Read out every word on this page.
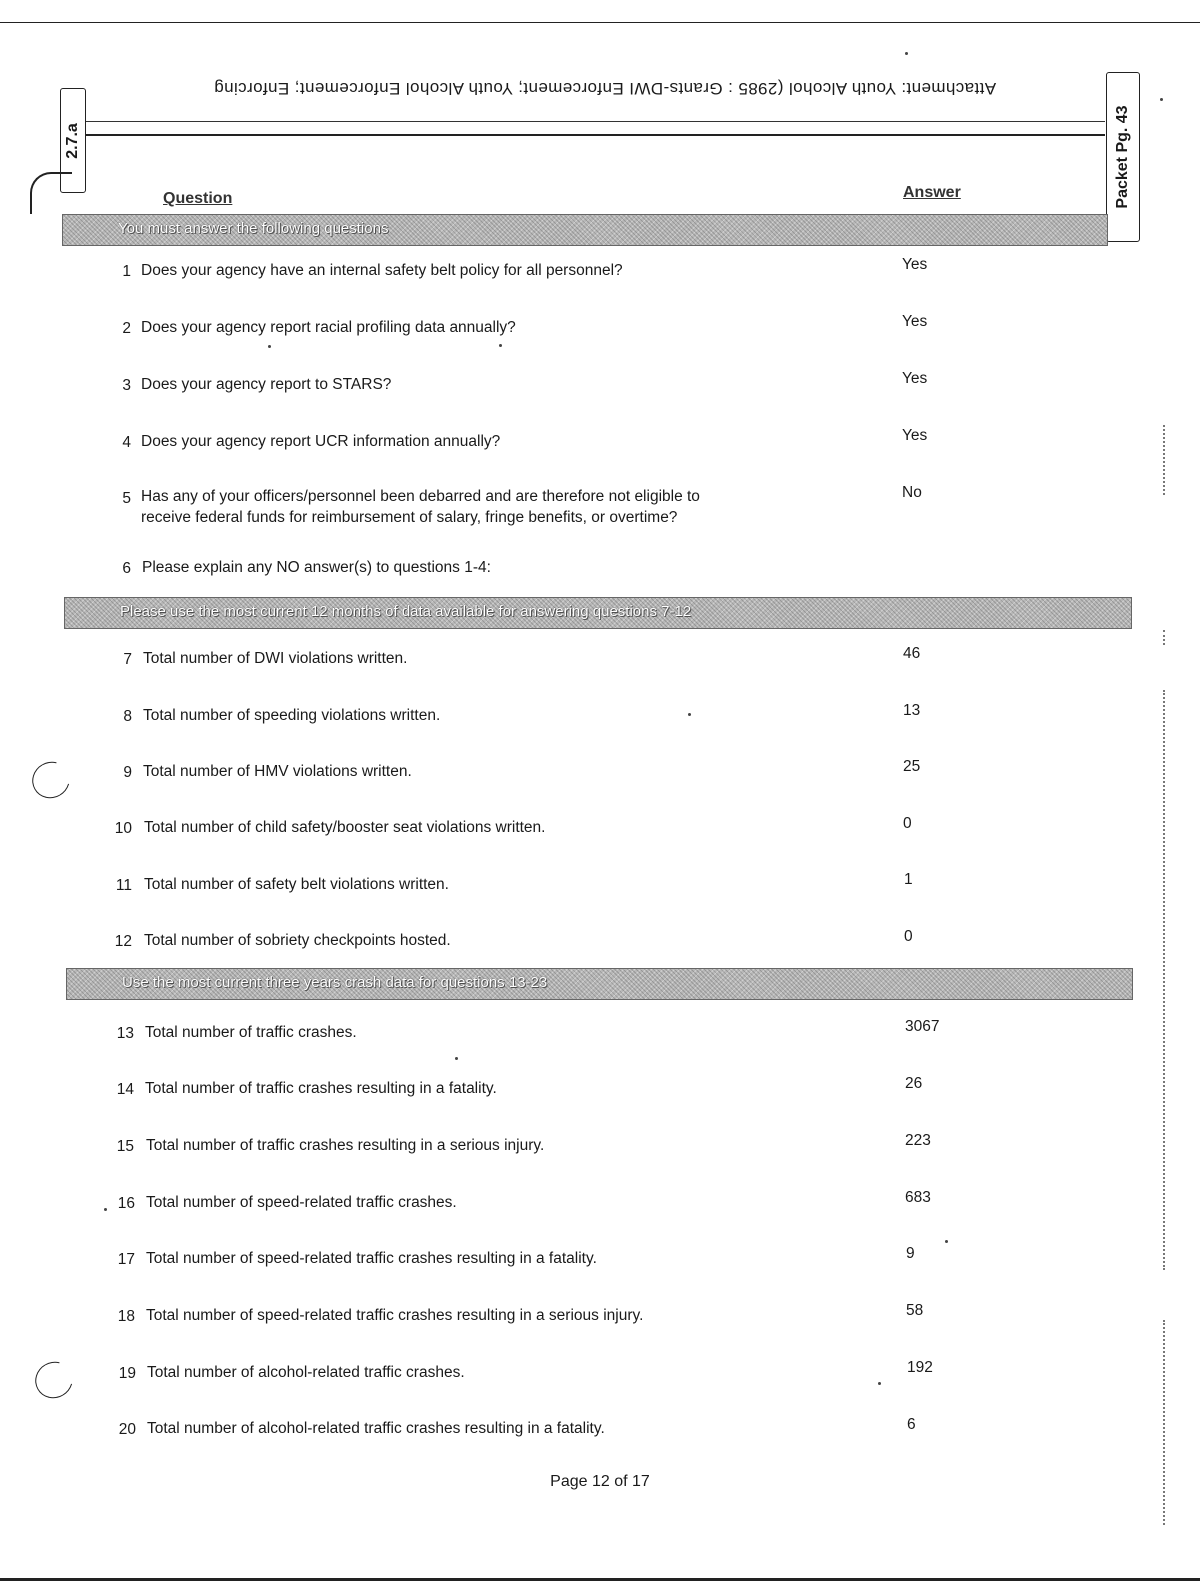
Attachment: Youth Alcohol (2985 : Grants-DWI Enforcement; Youth Alcohol Enforcement; Enforcing
2.7.a	Packet Pg. 43
Question	Answer
You must answer the following questions
1 Does your agency have an internal safety belt policy for all personnel?	Yes
2 Does your agency report racial profiling data annually?	Yes
3 Does your agency report to STARS?	Yes
4 Does your agency report UCR information annually?	Yes
5 Has any of your officers/personnel been debarred and are therefore not eligible to
receive federal funds for reimbursement of salary, fringe benefits, or overtime?
No
6 Please explain any NO answer(s) to questions 1-4:
Please use the most current 12 months of data available for answering questions 7-12
7 Total number of DWI violations written.	46
8 Total number of speeding violations written.	13
9 Total number of HMV violations written.	25
10 Total number of child safety/booster seat violations written.	0
11 Total number of safety belt violations written.	1
12 Total number of sobriety checkpoints hosted.	0
Use the most current three years crash data for questions 13-23
13 Total number of traffic crashes.	3067
14 Total number of traffic crashes resulting in a fatality.	26
15 Total number of traffic crashes resulting in a serious injury.	223
16 Total number of speed-related traffic crashes.	683
17 Total number of speed-related traffic crashes resulting in a fatality.	9
18 Total number of speed-related traffic crashes resulting in a serious injury.	58
19 Total number of alcohol-related traffic crashes.	192
20 Total number of alcohol-related traffic crashes resulting in a fatality.	6
Page 12 of 17
